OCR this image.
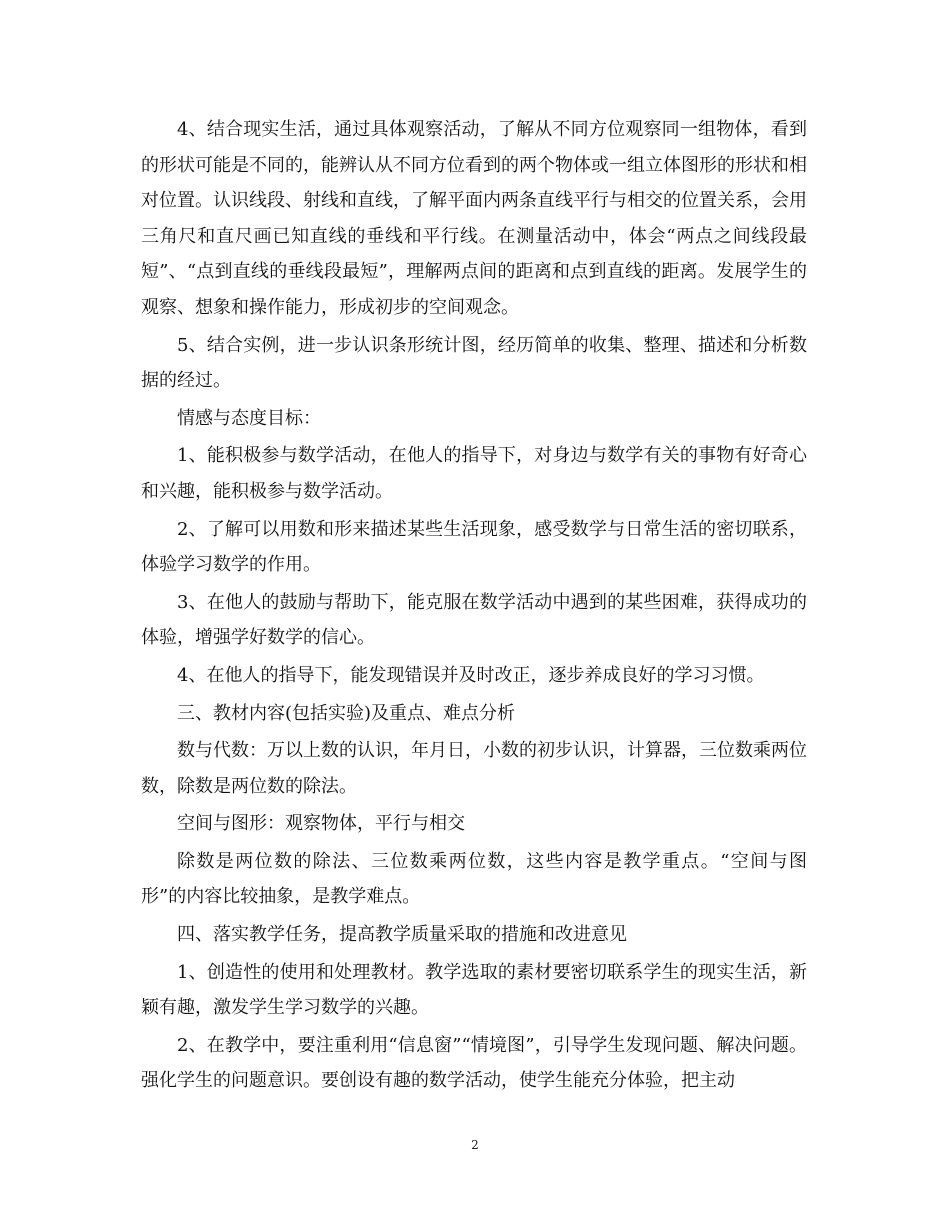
4、结合现实生活，通过具体观察活动，了解从不同方位观察同一组物体，看到的形状可能是不同的，能辨认从不同方位看到的两个物体或一组立体图形的形状和相对位置。认识线段、射线和直线，了解平面内两条直线平行与相交的位置关系，会用三角尺和直尺画已知直线的垂线和平行线。在测量活动中，体会“两点之间线段最短”、“点到直线的垂线段最短”，理解两点间的距离和点到直线的距离。发展学生的观察、想象和操作能力，形成初步的空间观念。

5、结合实例，进一步认识条形统计图，经历简单的收集、整理、描述和分析数据的经过。

情感与态度目标：

1、能积极参与数学活动，在他人的指导下，对身边与数学有关的事物有好奇心和兴趣，能积极参与数学活动。

2、了解可以用数和形来描述某些生活现象，感受数学与日常生活的密切联系，体验学习数学的作用。

3、在他人的鼓励与帮助下，能克服在数学活动中遇到的某些困难，获得成功的体验，增强学好数学的信心。

4、在他人的指导下，能发现错误并及时改正，逐步养成良好的学习习惯。

三、教材内容(包括实验)及重点、难点分析

数与代数：万以上数的认识，年月日，小数的初步认识，计算器，三位数乘两位数，除数是两位数的除法。

空间与图形：观察物体，平行与相交

除数是两位数的除法、三位数乘两位数，这些内容是教学重点。“空间与图形”的内容比较抽象，是教学难点。

四、落实教学任务，提高教学质量采取的措施和改进意见

1、创造性的使用和处理教材。教学选取的素材要密切联系学生的现实生活，新颖有趣，激发学生学习数学的兴趣。

2、在教学中，要注重利用“信息窗”“情境图”，引导学生发现问题、解决问题。强化学生的问题意识。要创设有趣的数学活动，使学生能充分体验，把主动

2
